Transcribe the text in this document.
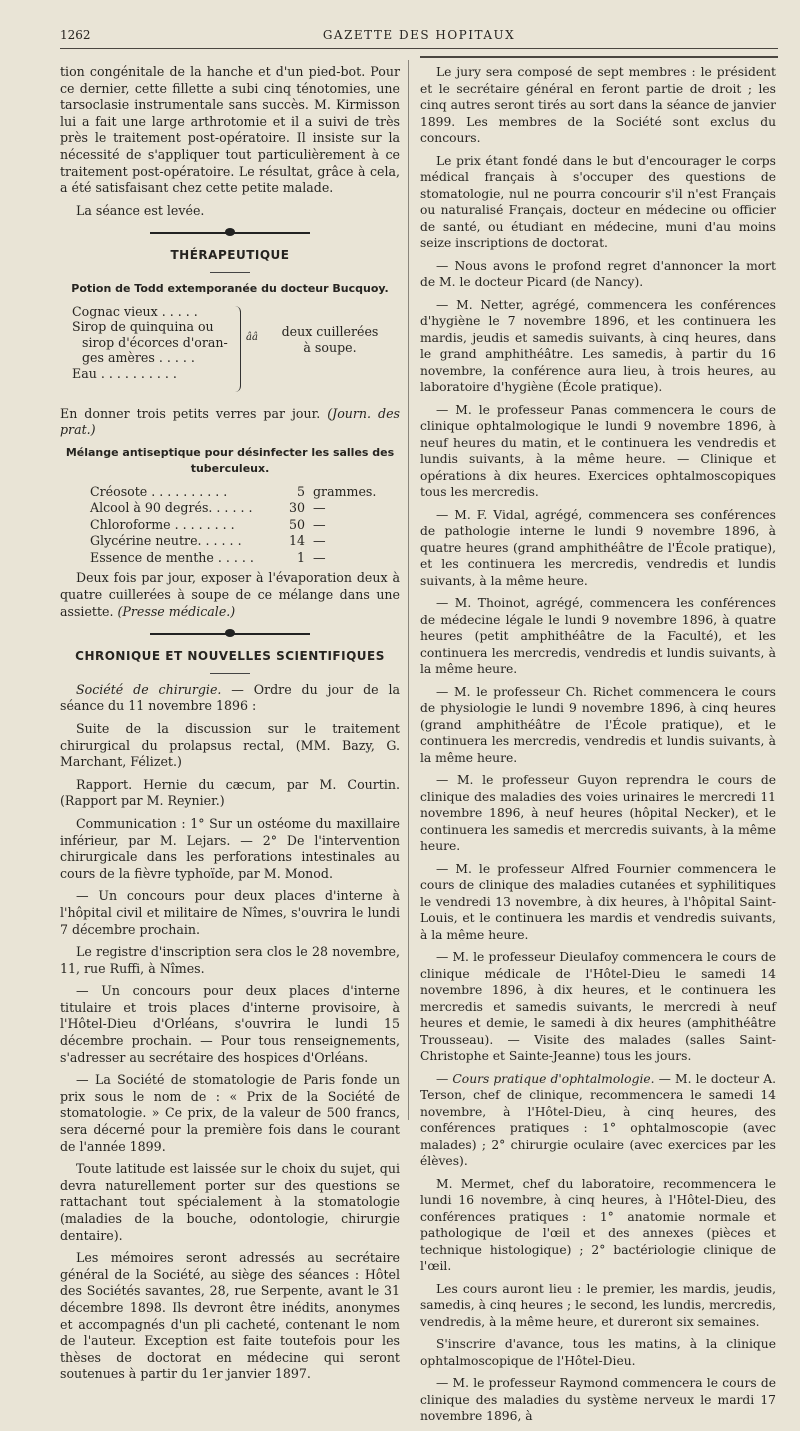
1262	GAZETTE DES HOPITAUX

tion congénitale de la hanche et d'un pied-bot. Pour ce dernier, cette fillette a subi cinq ténotomies, une tarsoclasie instrumentale sans succès. M. Kirmisson lui a fait une large arthrotomie et il a suivi de très près le traitement post-opératoire. Il insiste sur la nécessité de s'appliquer tout particulièrement à ce traitement post-opératoire. Le résultat, grâce à cela, a été satisfaisant chez cette petite malade.

La séance est levée.

THÉRAPEUTIQUE
Potion de Todd extemporanée du docteur Bucquoy.
Cognac vieux . . . . .
Sirop de quinquina ou
sirop d'écorces d'oran-
ges amères . . . . .
Eau . . . . . . . . . .
ââ	deux cuillerées
à soupe.

En donner trois petits verres par jour. (Journ. des prat.)

Mélange antiseptique pour désinfecter les salles des tuberculeux.
Créosote . . . . . . . . . .	5 grammes.
Alcool à 90 degrés. . . . . .	30 —
Chloroforme . . . . . . . .	50 —
Glycérine neutre. . . . . .	14 —
Essence de menthe . . . . .	1 —

Deux fois par jour, exposer à l'évaporation deux à quatre cuillerées à soupe de ce mélange dans une assiette. (Presse médicale.)

CHRONIQUE ET NOUVELLES SCIENTIFIQUES

Société de chirurgie. — Ordre du jour de la séance du 11 novembre 1896 :

Suite de la discussion sur le traitement chirurgical du prolapsus rectal, (MM. Bazy, G. Marchant, Félizet.)

Rapport. Hernie du cæcum, par M. Courtin. (Rapport par M. Reynier.)

Communication : 1° Sur un ostéome du maxillaire inférieur, par M. Lejars. — 2° De l'intervention chirurgicale dans les perforations intestinales au cours de la fièvre typhoïde, par M. Monod.

— Un concours pour deux places d'interne à l'hôpital civil et militaire de Nîmes, s'ouvrira le lundi 7 décembre prochain.

Le registre d'inscription sera clos le 28 novembre, 11, rue Ruffi, à Nîmes.

— Un concours pour deux places d'interne titulaire et trois places d'interne provisoire, à l'Hôtel-Dieu d'Orléans, s'ouvrira le lundi 15 décembre prochain. — Pour tous renseignements, s'adresser au secrétaire des hospices d'Orléans.

— La Société de stomatologie de Paris fonde un prix sous le nom de : « Prix de la Société de stomatologie. » Ce prix, de la valeur de 500 francs, sera décerné pour la première fois dans le courant de l'année 1899.

Toute latitude est laissée sur le choix du sujet, qui devra naturellement porter sur des questions se rattachant tout spécialement à la stomatologie (maladies de la bouche, odontologie, chirurgie dentaire).

Les mémoires seront adressés au secrétaire général de la Société, au siège des séances : Hôtel des Sociétés savantes, 28, rue Serpente, avant le 31 décembre 1898. Ils devront être inédits, anonymes et accompagnés d'un pli cacheté, contenant le nom de l'auteur. Exception est faite toutefois pour les thèses de doctorat en médecine qui seront soutenues à partir du 1er janvier 1897.

Le jury sera composé de sept membres : le président et le secrétaire général en feront partie de droit ; les cinq autres seront tirés au sort dans la séance de janvier 1899. Les membres de la Société sont exclus du concours.

Le prix étant fondé dans le but d'encourager le corps médical français à s'occuper des questions de stomatologie, nul ne pourra concourir s'il n'est Français ou naturalisé Français, docteur en médecine ou officier de santé, ou étudiant en médecine, muni d'au moins seize inscriptions de doctorat.

— Nous avons le profond regret d'annoncer la mort de M. le docteur Picard (de Nancy).

— M. Netter, agrégé, commencera les conférences d'hygiène le 7 novembre 1896, et les continuera les mardis, jeudis et samedis suivants, à cinq heures, dans le grand amphithéâtre. Les samedis, à partir du 16 novembre, la conférence aura lieu, à trois heures, au laboratoire d'hygiène (École pratique).

— M. le professeur Panas commencera le cours de clinique ophtalmologique le lundi 9 novembre 1896, à neuf heures du matin, et le continuera les vendredis et lundis suivants, à la même heure. — Clinique et opérations à dix heures. Exercices ophtalmoscopiques tous les mercredis.

— M. F. Vidal, agrégé, commencera ses conférences de pathologie interne le lundi 9 novembre 1896, à quatre heures (grand amphithéâtre de l'École pratique), et les continuera les mercredis, vendredis et lundis suivants, à la même heure.

— M. Thoinot, agrégé, commencera les conférences de médecine légale le lundi 9 novembre 1896, à quatre heures (petit amphithéâtre de la Faculté), et les continuera les mercredis, vendredis et lundis suivants, à la même heure.

— M. le professeur Ch. Richet commencera le cours de physiologie le lundi 9 novembre 1896, à cinq heures (grand amphithéâtre de l'École pratique), et le continuera les mercredis, vendredis et lundis suivants, à la même heure.

— M. le professeur Guyon reprendra le cours de clinique des maladies des voies urinaires le mercredi 11 novembre 1896, à neuf heures (hôpital Necker), et le continuera les samedis et mercredis suivants, à la même heure.

— M. le professeur Alfred Fournier commencera le cours de clinique des maladies cutanées et syphilitiques le vendredi 13 novembre, à dix heures, à l'hôpital Saint-Louis, et le continuera les mardis et vendredis suivants, à la même heure.

— M. le professeur Dieulafoy commencera le cours de clinique médicale de l'Hôtel-Dieu le samedi 14 novembre 1896, à dix heures, et le continuera les mercredis et samedis suivants, le mercredi à neuf heures et demie, le samedi à dix heures (amphithéâtre Trousseau). — Visite des malades (salles Saint-Christophe et Sainte-Jeanne) tous les jours.

— Cours pratique d'ophtalmologie. — M. le docteur A. Terson, chef de clinique, recommencera le samedi 14 novembre, à l'Hôtel-Dieu, à cinq heures, des conférences pratiques : 1° ophtalmoscopie (avec malades) ; 2° chirurgie oculaire (avec exercices par les élèves).

M. Mermet, chef du laboratoire, recommencera le lundi 16 novembre, à cinq heures, à l'Hôtel-Dieu, des conférences pratiques : 1° anatomie normale et pathologique de l'œil et des annexes (pièces et technique histologique) ; 2° bactériologie clinique de l'œil.

Les cours auront lieu : le premier, les mardis, jeudis, samedis, à cinq heures ; le second, les lundis, mercredis, vendredis, à la même heure, et dureront six semaines.

S'inscrire d'avance, tous les matins, à la clinique ophtalmoscopique de l'Hôtel-Dieu.

— M. le professeur Raymond commencera le cours de clinique des maladies du système nerveux le mardi 17 novembre 1896, à
